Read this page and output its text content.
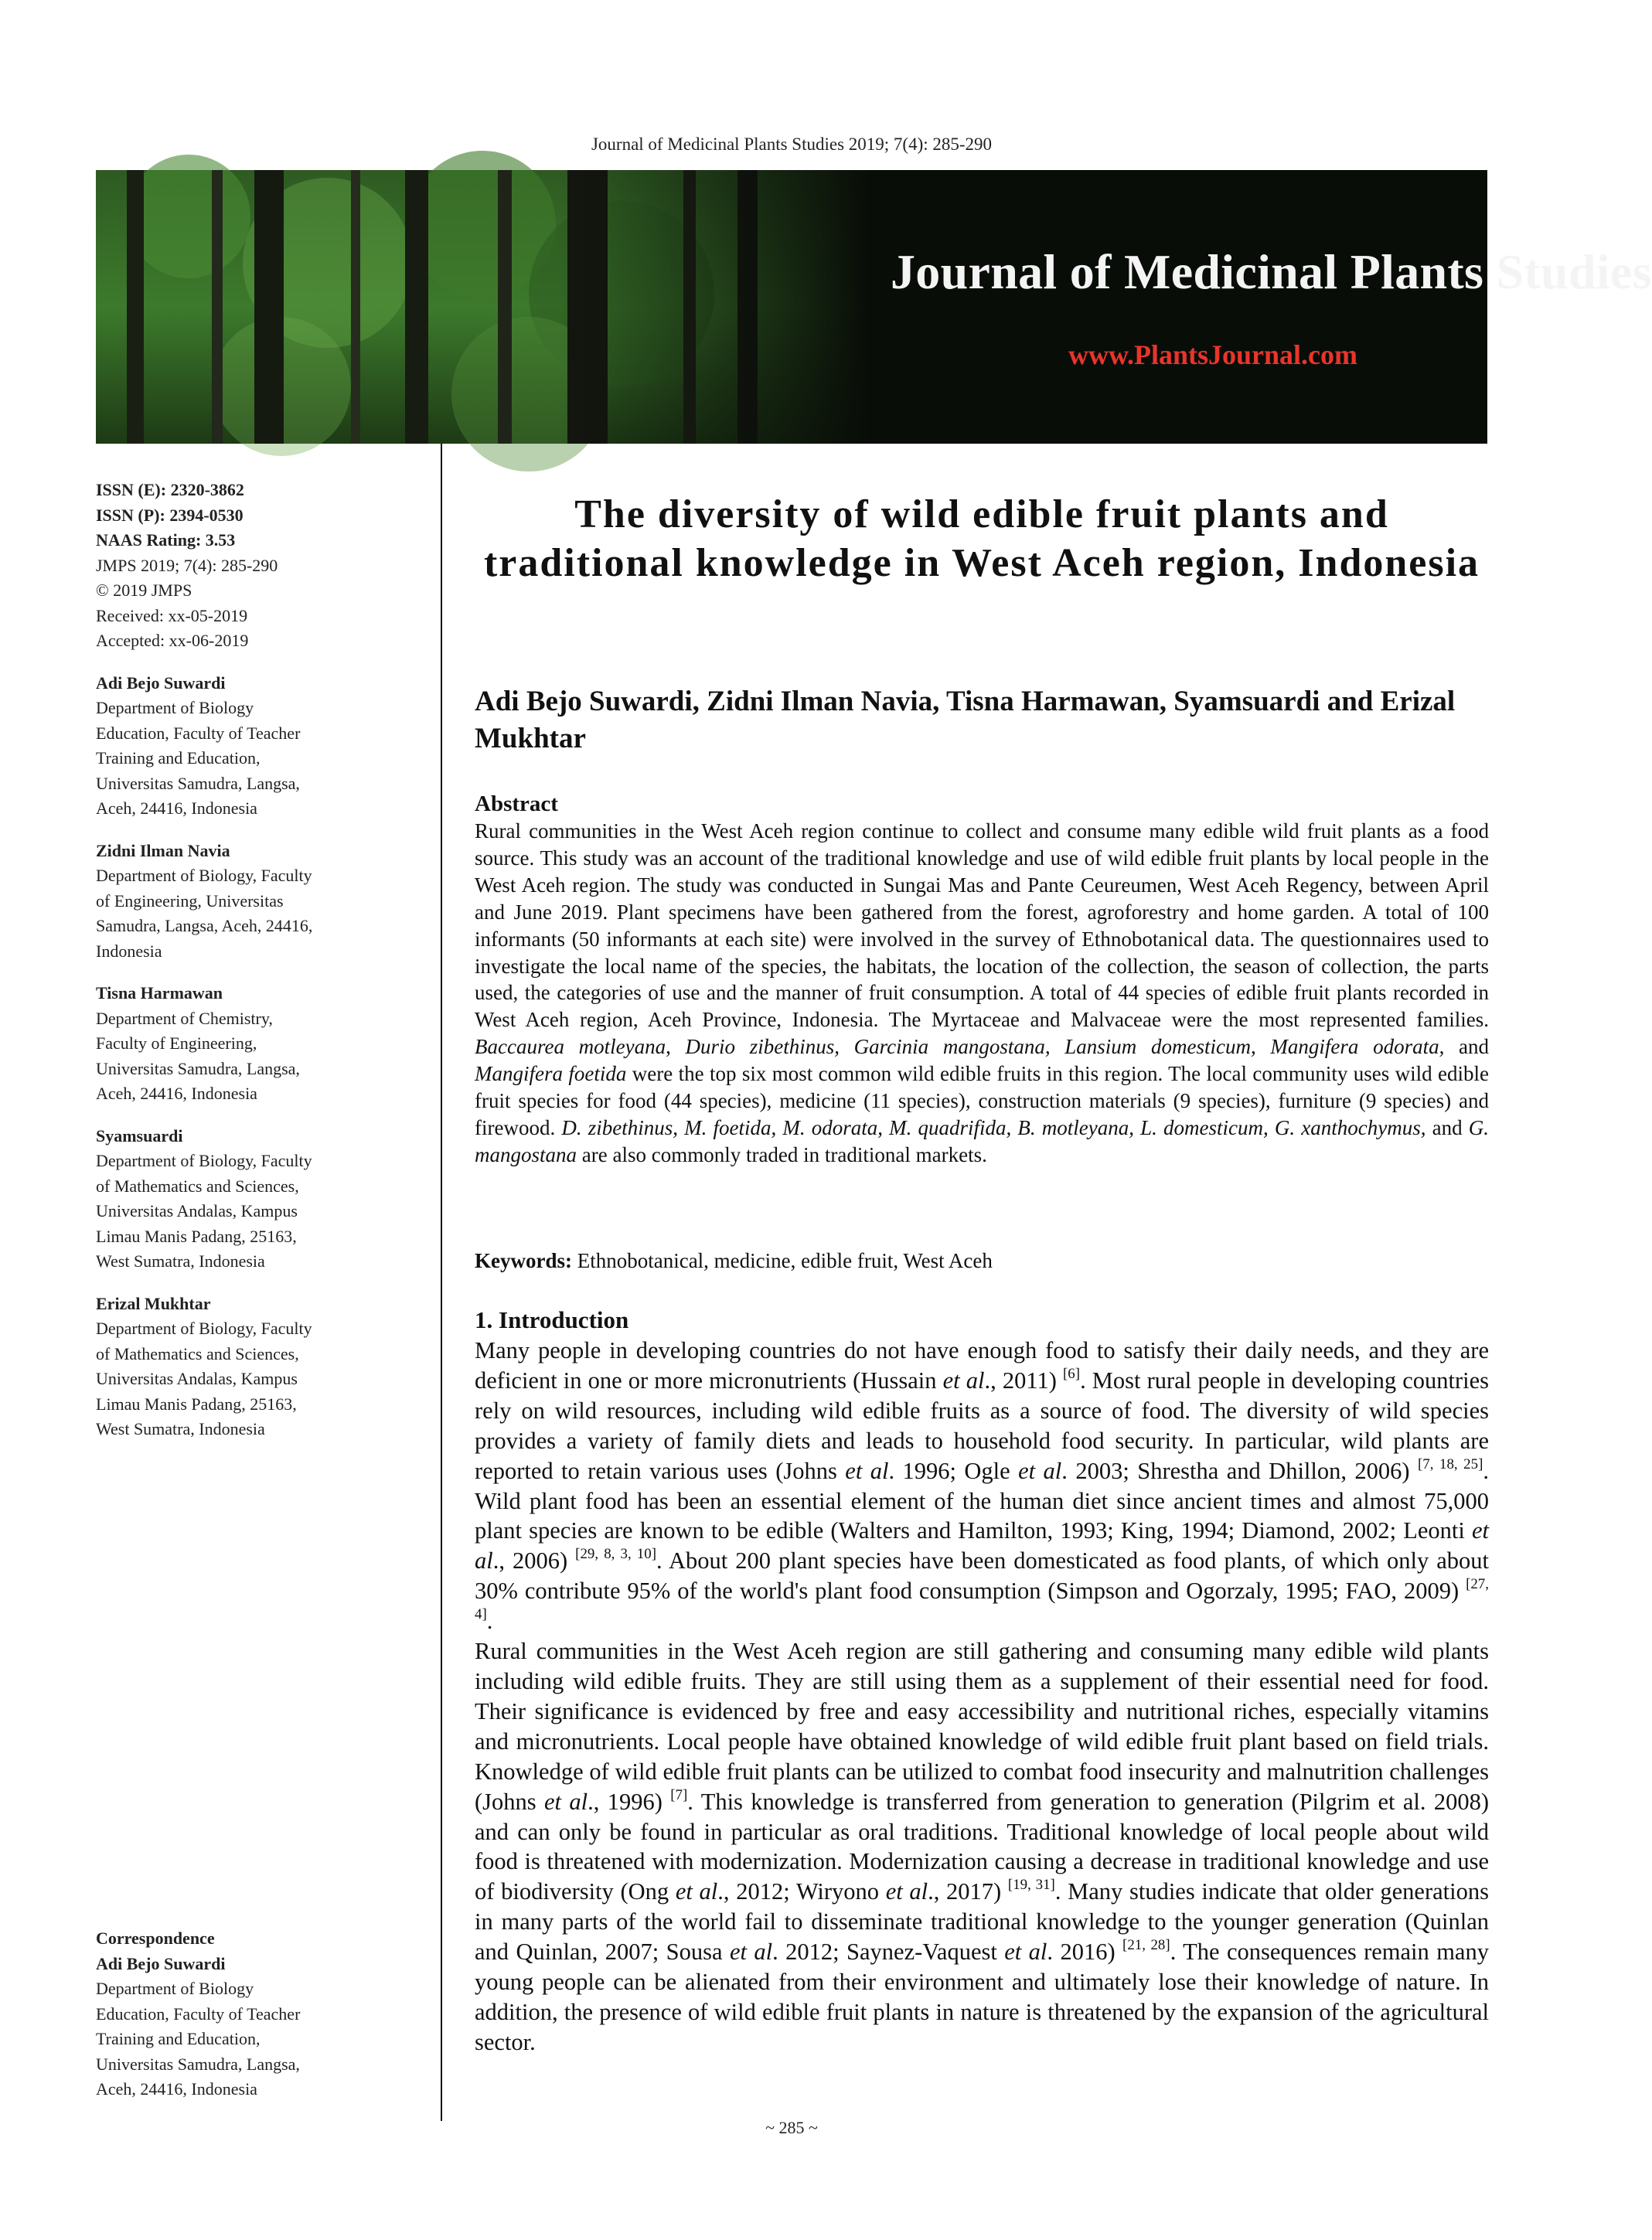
Journal of Medicinal Plants Studies 2019; 7(4): 285-290
Journal of Medicinal Plants Studies
www.PlantsJournal.com
ISSN (E): 2320-3862
ISSN (P): 2394-0530
NAAS Rating: 3.53
JMPS 2019; 7(4): 285-290
© 2019 JMPS
Received: xx-05-2019
Accepted: xx-06-2019
Adi Bejo Suwardi
Department of Biology
Education, Faculty of Teacher
Training and Education,
Universitas Samudra, Langsa,
Aceh, 24416, Indonesia
Zidni Ilman Navia
Department of Biology, Faculty
of Engineering, Universitas
Samudra, Langsa, Aceh, 24416,
Indonesia
Tisna Harmawan
Department of Chemistry,
Faculty of Engineering,
Universitas Samudra, Langsa,
Aceh, 24416, Indonesia
Syamsuardi
Department of Biology, Faculty
of Mathematics and Sciences,
Universitas Andalas, Kampus
Limau Manis Padang, 25163,
West Sumatra, Indonesia
Erizal Mukhtar
Department of Biology, Faculty
of Mathematics and Sciences,
Universitas Andalas, Kampus
Limau Manis Padang, 25163,
West Sumatra, Indonesia
Correspondence
Adi Bejo Suwardi
Department of Biology
Education, Faculty of Teacher
Training and Education,
Universitas Samudra, Langsa,
Aceh, 24416, Indonesia
The diversity of wild edible fruit plants and traditional knowledge in West Aceh region, Indonesia
Adi Bejo Suwardi, Zidni Ilman Navia, Tisna Harmawan, Syamsuardi and Erizal Mukhtar
Abstract
Rural communities in the West Aceh region continue to collect and consume many edible wild fruit plants as a food source. This study was an account of the traditional knowledge and use of wild edible fruit plants by local people in the West Aceh region. The study was conducted in Sungai Mas and Pante Ceureumen, West Aceh Regency, between April and June 2019. Plant specimens have been gathered from the forest, agroforestry and home garden. A total of 100 informants (50 informants at each site) were involved in the survey of Ethnobotanical data. The questionnaires used to investigate the local name of the species, the habitats, the location of the collection, the season of collection, the parts used, the categories of use and the manner of fruit consumption. A total of 44 species of edible fruit plants recorded in West Aceh region, Aceh Province, Indonesia. The Myrtaceae and Malvaceae were the most represented families. Baccaurea motleyana, Durio zibethinus, Garcinia mangostana, Lansium domesticum, Mangifera odorata, and Mangifera foetida were the top six most common wild edible fruits in this region. The local community uses wild edible fruit species for food (44 species), medicine (11 species), construction materials (9 species), furniture (9 species) and firewood. D. zibethinus, M. foetida, M. odorata, M. quadrifida, B. motleyana, L. domesticum, G. xanthochymus, and G. mangostana are also commonly traded in traditional markets.
Keywords: Ethnobotanical, medicine, edible fruit, West Aceh
1. Introduction

Many people in developing countries do not have enough food to satisfy their daily needs, and they are deficient in one or more micronutrients (Hussain et al., 2011) [6]. Most rural people in developing countries rely on wild resources, including wild edible fruits as a source of food. The diversity of wild species provides a variety of family diets and leads to household food security. In particular, wild plants are reported to retain various uses (Johns et al. 1996; Ogle et al. 2003; Shrestha and Dhillon, 2006) [7, 18, 25]. Wild plant food has been an essential element of the human diet since ancient times and almost 75,000 plant species are known to be edible (Walters and Hamilton, 1993; King, 1994; Diamond, 2002; Leonti et al., 2006) [29, 8, 3, 10]. About 200 plant species have been domesticated as food plants, of which only about 30% contribute 95% of the world's plant food consumption (Simpson and Ogorzaly, 1995; FAO, 2009) [27, 4].

Rural communities in the West Aceh region are still gathering and consuming many edible wild plants including wild edible fruits. They are still using them as a supplement of their essential need for food. Their significance is evidenced by free and easy accessibility and nutritional riches, especially vitamins and micronutrients. Local people have obtained knowledge of wild edible fruit plant based on field trials. Knowledge of wild edible fruit plants can be utilized to combat food insecurity and malnutrition challenges (Johns et al., 1996) [7]. This knowledge is transferred from generation to generation (Pilgrim et al. 2008) and can only be found in particular as oral traditions. Traditional knowledge of local people about wild food is threatened with modernization. Modernization causing a decrease in traditional knowledge and use of biodiversity (Ong et al., 2012; Wiryono et al., 2017) [19, 31]. Many studies indicate that older generations in many parts of the world fail to disseminate traditional knowledge to the younger generation (Quinlan and Quinlan, 2007; Sousa et al. 2012; Saynez-Vaquest et al. 2016) [21, 28]. The consequences remain many young people can be alienated from their environment and ultimately lose their knowledge of nature. In addition, the presence of wild edible fruit plants in nature is threatened by the expansion of the agricultural sector.

~ 285 ~
